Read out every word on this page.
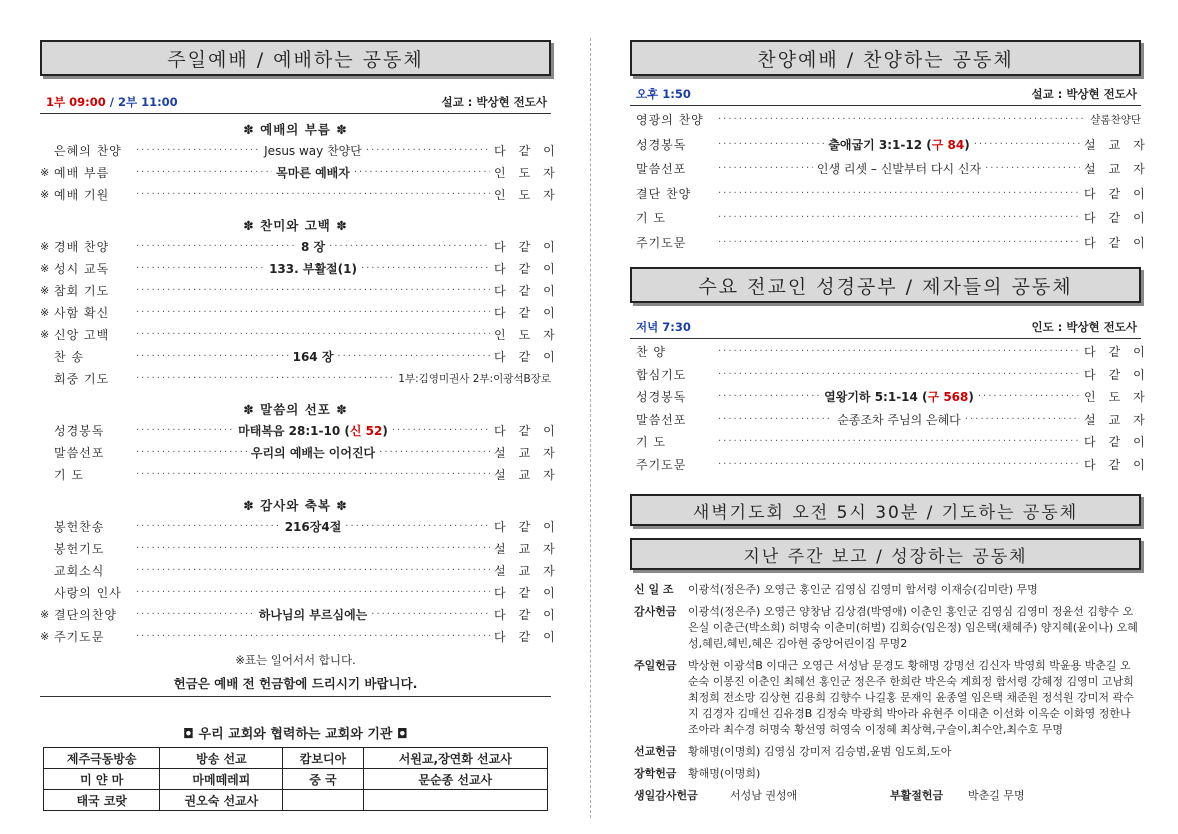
주일예배 / 예배하는 공동체
1부 09:00 / 2부 11:00	설교 : 박상현 전도사
✽ 예배의 부름 ✽
은혜의 찬양 ·····	Jesus way 찬양단 ·····	다같이
※ 예배 부름 ·····	목마른 예배자 ·····	인도자
※ 예배 기원 ·····	인도자
✽ 찬미와 고백 ✽
※ 경배 찬양 ·····	8 장 ·····	다같이
※ 성시 교독 ·····	133. 부활절(1) ·····	다같이
※ 참회 기도 ·····	다같이
※ 사함 확신 ·····	다같이
※ 신앙 고백 ·····	인도자
찬 송 ·····	164 장 ·····	다같이
회중 기도 ·····	1부:김영미권사 2부:이광석B장로
✽ 말씀의 선포 ✽
성경봉독 ·····	마태복음 28:1-10 (신 52) ·····	다같이
말씀선포 ·····	우리의 예배는 이어진다 ·····	설교자
기 도 ·····	설교자
✽ 감사와 축복 ✽
봉헌찬송 ·····	216장4절 ·····	다같이
봉헌기도 ·····	설교자
교회소식 ·····	설교자
사랑의 인사 ·····	다같이
※ 결단의찬양 ·····	하나님의 부르심에는 ·····	다같이
※ 주기도문 ·····	다같이
※표는 일어서서 합니다.
헌금은 예배 전 헌금함에 드리시기 바랍니다.
◘ 우리 교회와 협력하는 교회와 기관 ◘
제주극동방송	방송 선교	캄보디아	서원교,장연화 선교사
미 얀 마	마메떼레피	중 국	문순종 선교사
태국 코랏	권오숙 선교사		
찬양예배 / 찬양하는 공동체
오후 1:50	설교 : 박상현 전도사
영광의 찬양 ·····	샬롬찬양단
성경봉독 ·····	출애굽기 3:1-12 (구 84) ·····	설교자
말씀선포 ·····	인생 리셋 – 신발부터 다시 신자 ·····	설교자
결단 찬양 ·····	다같이
기 도 ·····	다같이
주기도문 ·····	다같이
수요 전교인 성경공부 / 제자들의 공동체
저녁 7:30	인도 : 박상현 전도사
찬 양 ·····	다같이
합심기도 ·····	다같이
성경봉독 ·····	열왕기하 5:1-14 (구 568) ·····	인도자
말씀선포 ·····	순종조차 주님의 은혜다 ·····	설교자
기 도 ·····	다같이
주기도문 ·····	다같이
새벽기도회 오전 5시 30분 / 기도하는 공동체
지난 주간 보고 / 성장하는 공동체
신 일 조	이광석(정은주) 오영근 홍인군 김영심 김영미 함서령 이재승(김미란) 무명
감사헌금	이광석(정은주) 오영근 양창남 김상겸(박영애) 이춘인 홍인군 김영심 김영미 정윤선 김향수 오은실 이춘근(박소희) 허명숙 이춘미(허벌) 김희승(임은정) 임은택(채혜주) 양지혜(윤이나) 오혜성,혜린,혜빈,혜은 김아현 중앙어린이집 무명2
주일헌금	박상현 이광석B 이대근 오영근 서성남 문경도 황해명 강명선 김신자 박영희 박윤용 박춘길 오순숙 이봉진 이춘인 최혜선 홍인군 정은주 한희란 박은숙 계희정 함서령 강혜정 김영미 고남희 최정희 전소망 김상현 김용희 김향수 나길홍 문재익 윤종열 임은택 채준원 정석원 강미저 곽수지 김경자 김매선 김유경B 김정숙 박광희 박아라 유현주 이대춘 이선화 이옥순 이화영 정한나 조아라 최수경 허명숙 황선영 허영숙 이정혜 최상혁,구슬이,최수안,최수호 무명
선교헌금	황해명(이명희) 김영심 강미저 김승범,윤범 임도희,도아
장학헌금	황해명(이명희)
생일감사헌금	서성남 권성애	부활절헌금	박춘길 무명
